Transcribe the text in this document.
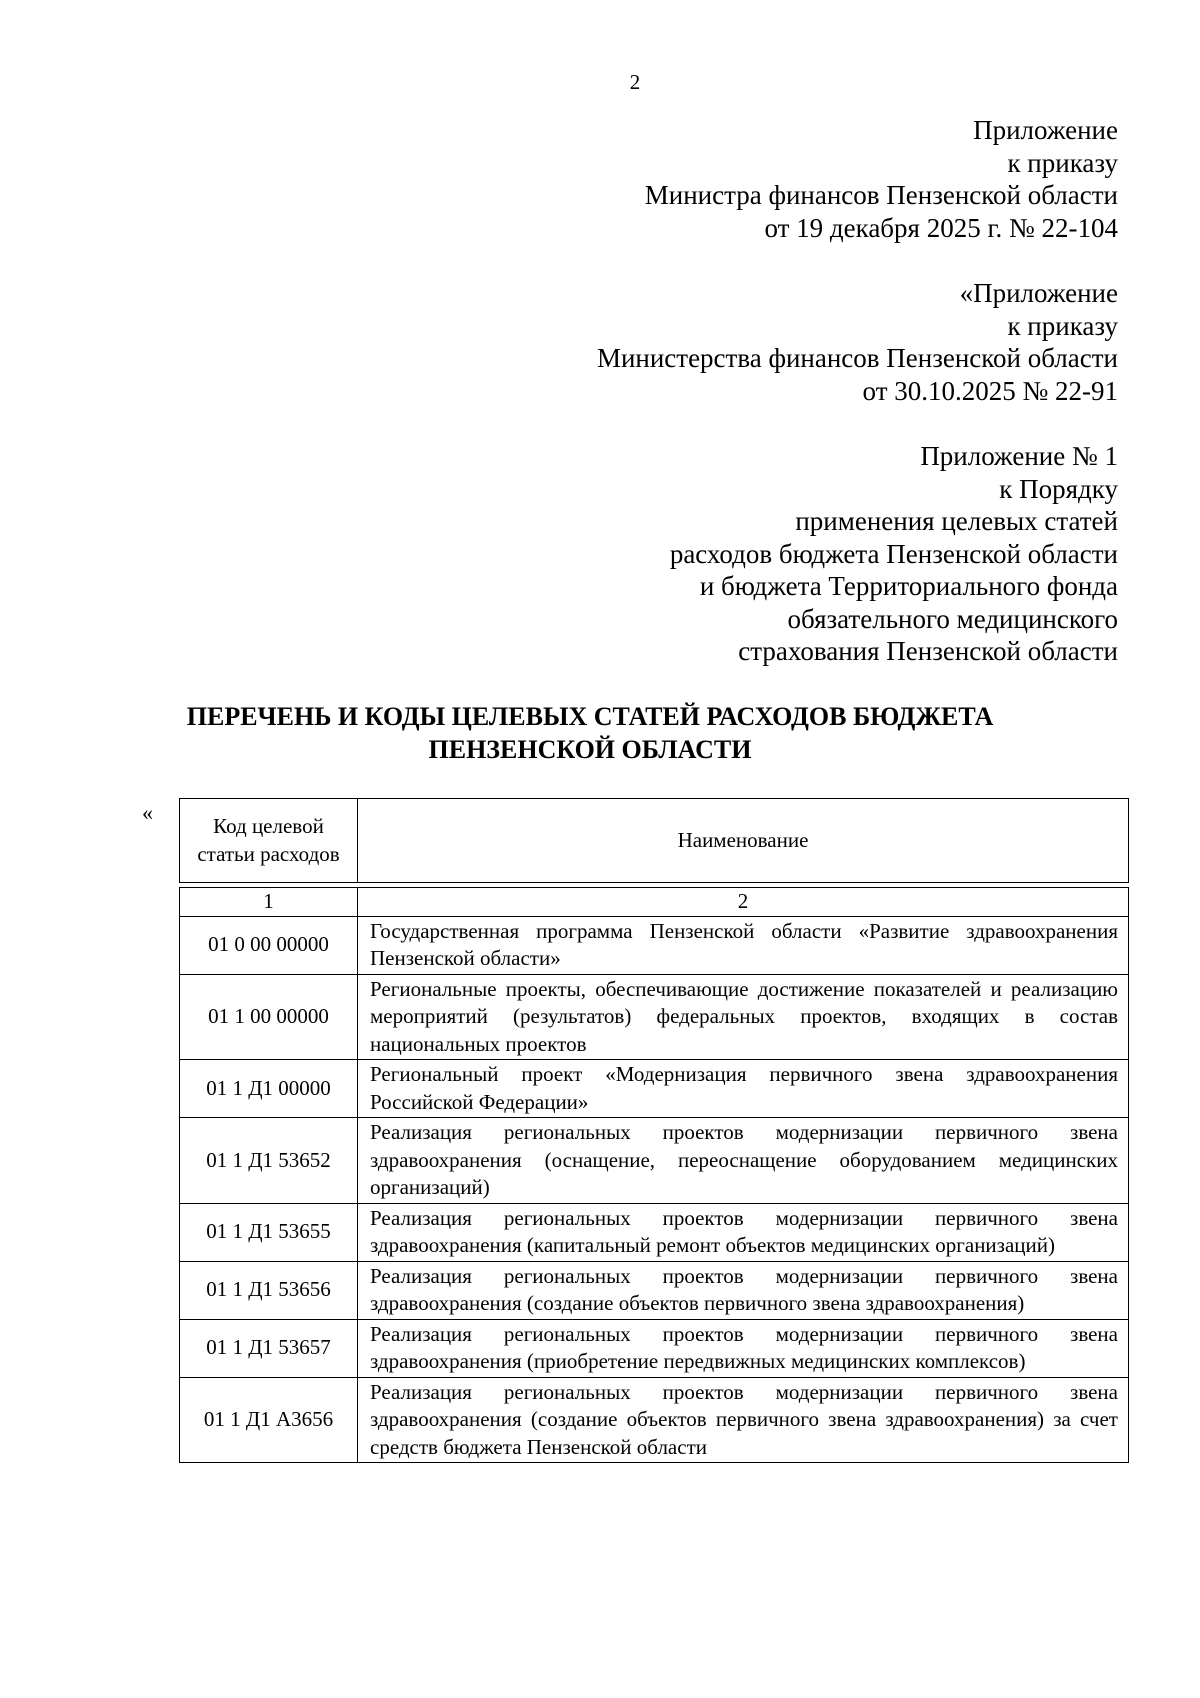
2
Приложение
к приказу
Министра финансов Пензенской области
от 19 декабря 2025 г. № 22-104
«Приложение
к приказу
Министерства финансов Пензенской области
от 30.10.2025 № 22-91
Приложение № 1
к Порядку
применения целевых статей
расходов бюджета Пензенской области
и бюджета Территориального фонда
обязательного медицинского
страхования Пензенской области
ПЕРЕЧЕНЬ И КОДЫ ЦЕЛЕВЫХ СТАТЕЙ РАСХОДОВ БЮДЖЕТА
ПЕНЗЕНСКОЙ ОБЛАСТИ
«
Код целевой статьи расходов	Наименование

1	2
01 0 00 00000	Государственная программа Пензенской области «Развитие здравоохранения Пензенской области»
01 1 00 00000	Региональные проекты, обеспечивающие достижение показателей и реализацию мероприятий (результатов) федеральных проектов, входящих в состав национальных проектов
01 1 Д1 00000	Региональный проект «Модернизация первичного звена здравоохранения Российской Федерации»
01 1 Д1 53652	Реализация региональных проектов модернизации первичного звена здравоохранения (оснащение, переоснащение оборудованием медицинских организаций)
01 1 Д1 53655	Реализация региональных проектов модернизации первичного звена здравоохранения (капитальный ремонт объектов медицинских организаций)
01 1 Д1 53656	Реализация региональных проектов модернизации первичного звена здравоохранения (создание объектов первичного звена здравоохранения)
01 1 Д1 53657	Реализация региональных проектов модернизации первичного звена здравоохранения (приобретение передвижных медицинских комплексов)
01 1 Д1 А3656	Реализация региональных проектов модернизации первичного звена здравоохранения (создание объектов первичного звена здравоохранения) за счет средств бюджета Пензенской области
